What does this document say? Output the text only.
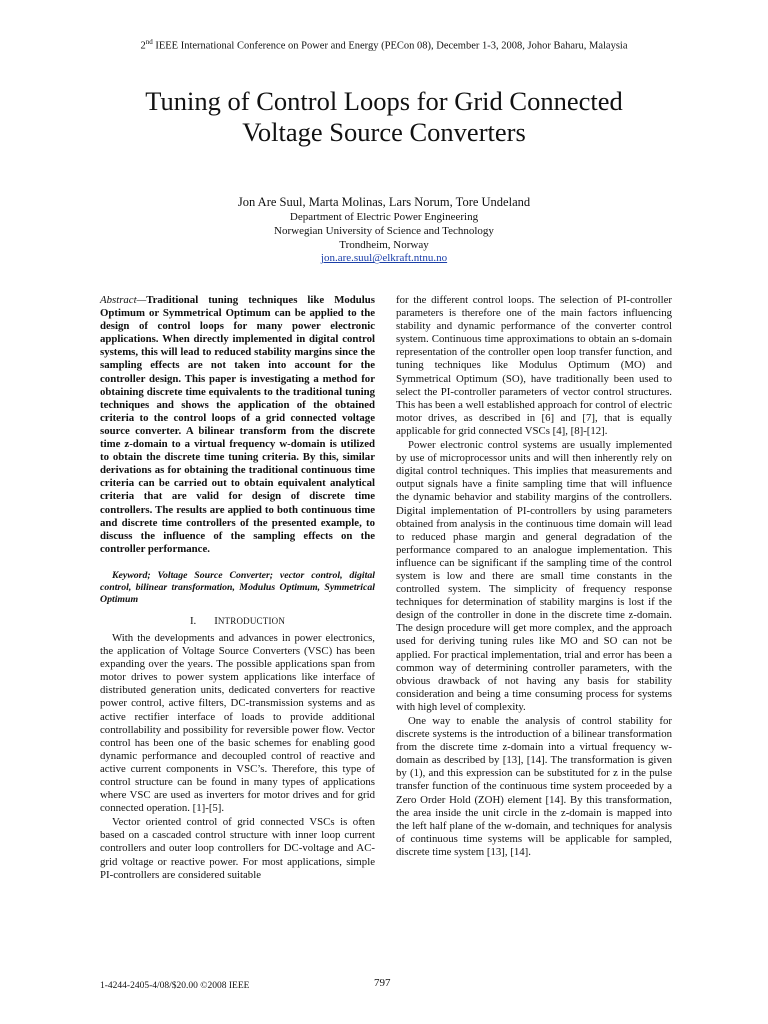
2nd IEEE International Conference on Power and Energy (PECon 08), December 1-3, 2008, Johor Baharu, Malaysia
Tuning of Control Loops for Grid Connected
Voltage Source Converters
Jon Are Suul, Marta Molinas, Lars Norum, Tore Undeland
Department of Electric Power Engineering
Norwegian University of Science and Technology
Trondheim, Norway
jon.are.suul@elkraft.ntnu.no

Abstract—Traditional tuning techniques like Modulus Optimum or Symmetrical Optimum can be applied to the design of control loops for many power electronic applications. When directly implemented in digital control systems, this will lead to reduced stability margins since the sampling effects are not taken into account for the controller design. This paper is investigating a method for obtaining discrete time equivalents to the traditional tuning techniques and shows the application of the obtained criteria to the control loops of a grid connected voltage source converter. A bilinear transform from the discrete time z-domain to a virtual frequency w-domain is utilized to obtain the discrete time tuning criteria. By this, similar derivations as for obtaining the traditional continuous time criteria can be carried out to obtain equivalent analytical criteria that are valid for design of discrete time controllers. The results are applied to both continuous time and discrete time controllers of the presented example, to discuss the influence of the sampling effects on the controller performance.

Keyword; Voltage Source Converter; vector control, digital control, bilinear transformation, Modulus Optimum, Symmetrical Optimum

I. INTRODUCTION

With the developments and advances in power electronics, the application of Voltage Source Converters (VSC) has been expanding over the years. The possible applications span from motor drives to power system applications like interface of distributed generation units, dedicated converters for reactive power control, active filters, DC-transmission systems and as active rectifier interface of loads to provide additional controllability and possibility for reversible power flow. Vector control has been one of the basic schemes for enabling good dynamic performance and decoupled control of reactive and active current components in VSC’s. Therefore, this type of control structure can be found in many types of applications where VSC are used as inverters for motor drives and for grid connected operation. [1]-[5].

Vector oriented control of grid connected VSCs is often based on a cascaded control structure with inner loop current controllers and outer loop controllers for DC-voltage and AC-grid voltage or reactive power. For most applications, simple PI-controllers are considered suitable

for the different control loops. The selection of PI-controller parameters is therefore one of the main factors influencing stability and dynamic performance of the converter control system. Continuous time approximations to obtain an s-domain representation of the controller open loop transfer function, and tuning techniques like Modulus Optimum (MO) and Symmetrical Optimum (SO), have traditionally been used to select the PI-controller parameters of vector control structures. This has been a well established approach for control of electric motor drives, as described in [6] and [7], that is equally applicable for grid connected VSCs [4], [8]-[12].

Power electronic control systems are usually implemented by use of microprocessor units and will then inherently rely on digital control techniques. This implies that measurements and output signals have a finite sampling time that will influence the dynamic behavior and stability margins of the controllers. Digital implementation of PI-controllers by using parameters obtained from analysis in the continuous time domain will lead to reduced phase margin and general degradation of the performance compared to an analogue implementation. This influence can be significant if the sampling time of the control system is low and there are small time constants in the controlled system. The simplicity of frequency response techniques for determination of stability margins is lost if the design of the controller in done in the discrete time z-domain. The design procedure will get more complex, and the approach used for deriving tuning rules like MO and SO can not be applied. For practical implementation, trial and error has been a common way of determining controller parameters, with the obvious drawback of not having any basis for stability consideration and being a time consuming process for systems with high level of complexity.

One way to enable the analysis of control stability for discrete systems is the introduction of a bilinear transformation from the discrete time z-domain into a virtual frequency w-domain as described by [13], [14]. The transformation is given by (1), and this expression can be substituted for z in the pulse transfer function of the continuous time system proceeded by a Zero Order Hold (ZOH) element [14]. By this transformation, the area inside the unit circle in the z-domain is mapped into the left half plane of the w-domain, and techniques for analysis of continuous time systems will be applicable for sampled, discrete time system [13], [14].

1-4244-2405-4/08/$20.00 ©2008 IEEE	797
